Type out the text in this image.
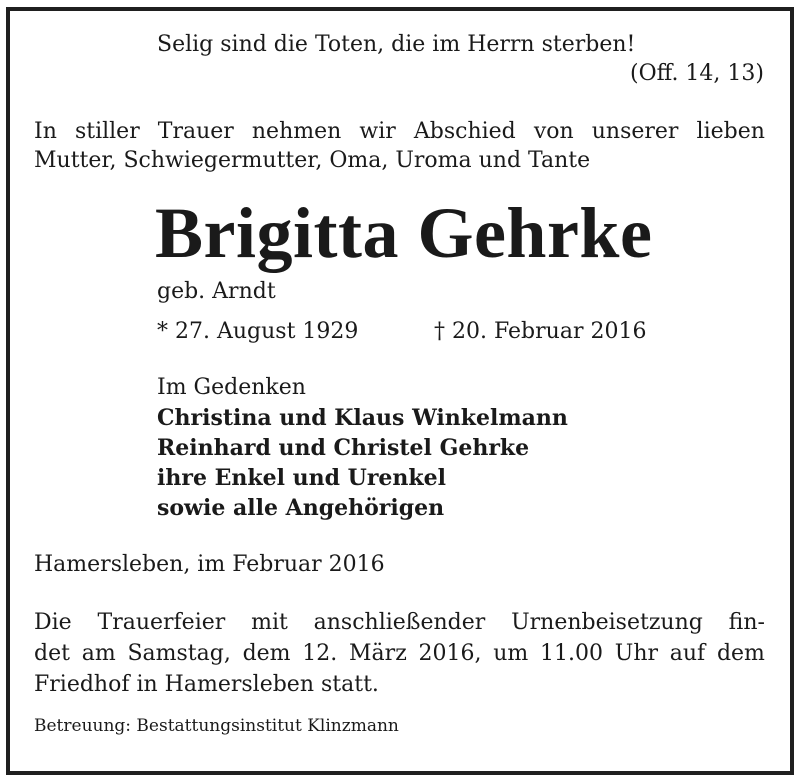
Selig sind die Toten, die im Herrn sterben!
(Off. 14, 13)
In stiller Trauer nehmen wir Abschied von unserer lieben
Mutter, Schwiegermutter, Oma, Uroma und Tante
Brigitta Gehrke
geb. Arndt
* 27. August 1929	† 20. Februar 2016
Im Gedenken
Christina und Klaus Winkelmann
Reinhard und Christel Gehrke
ihre Enkel und Urenkel
sowie alle Angehörigen
Hamersleben, im Februar 2016
Die Trauerfeier mit anschließender Urnenbeisetzung fin-
det am Samstag, dem 12. März 2016, um 11.00 Uhr auf dem
Friedhof in Hamersleben statt.
Betreuung: Bestattungsinstitut Klinzmann
